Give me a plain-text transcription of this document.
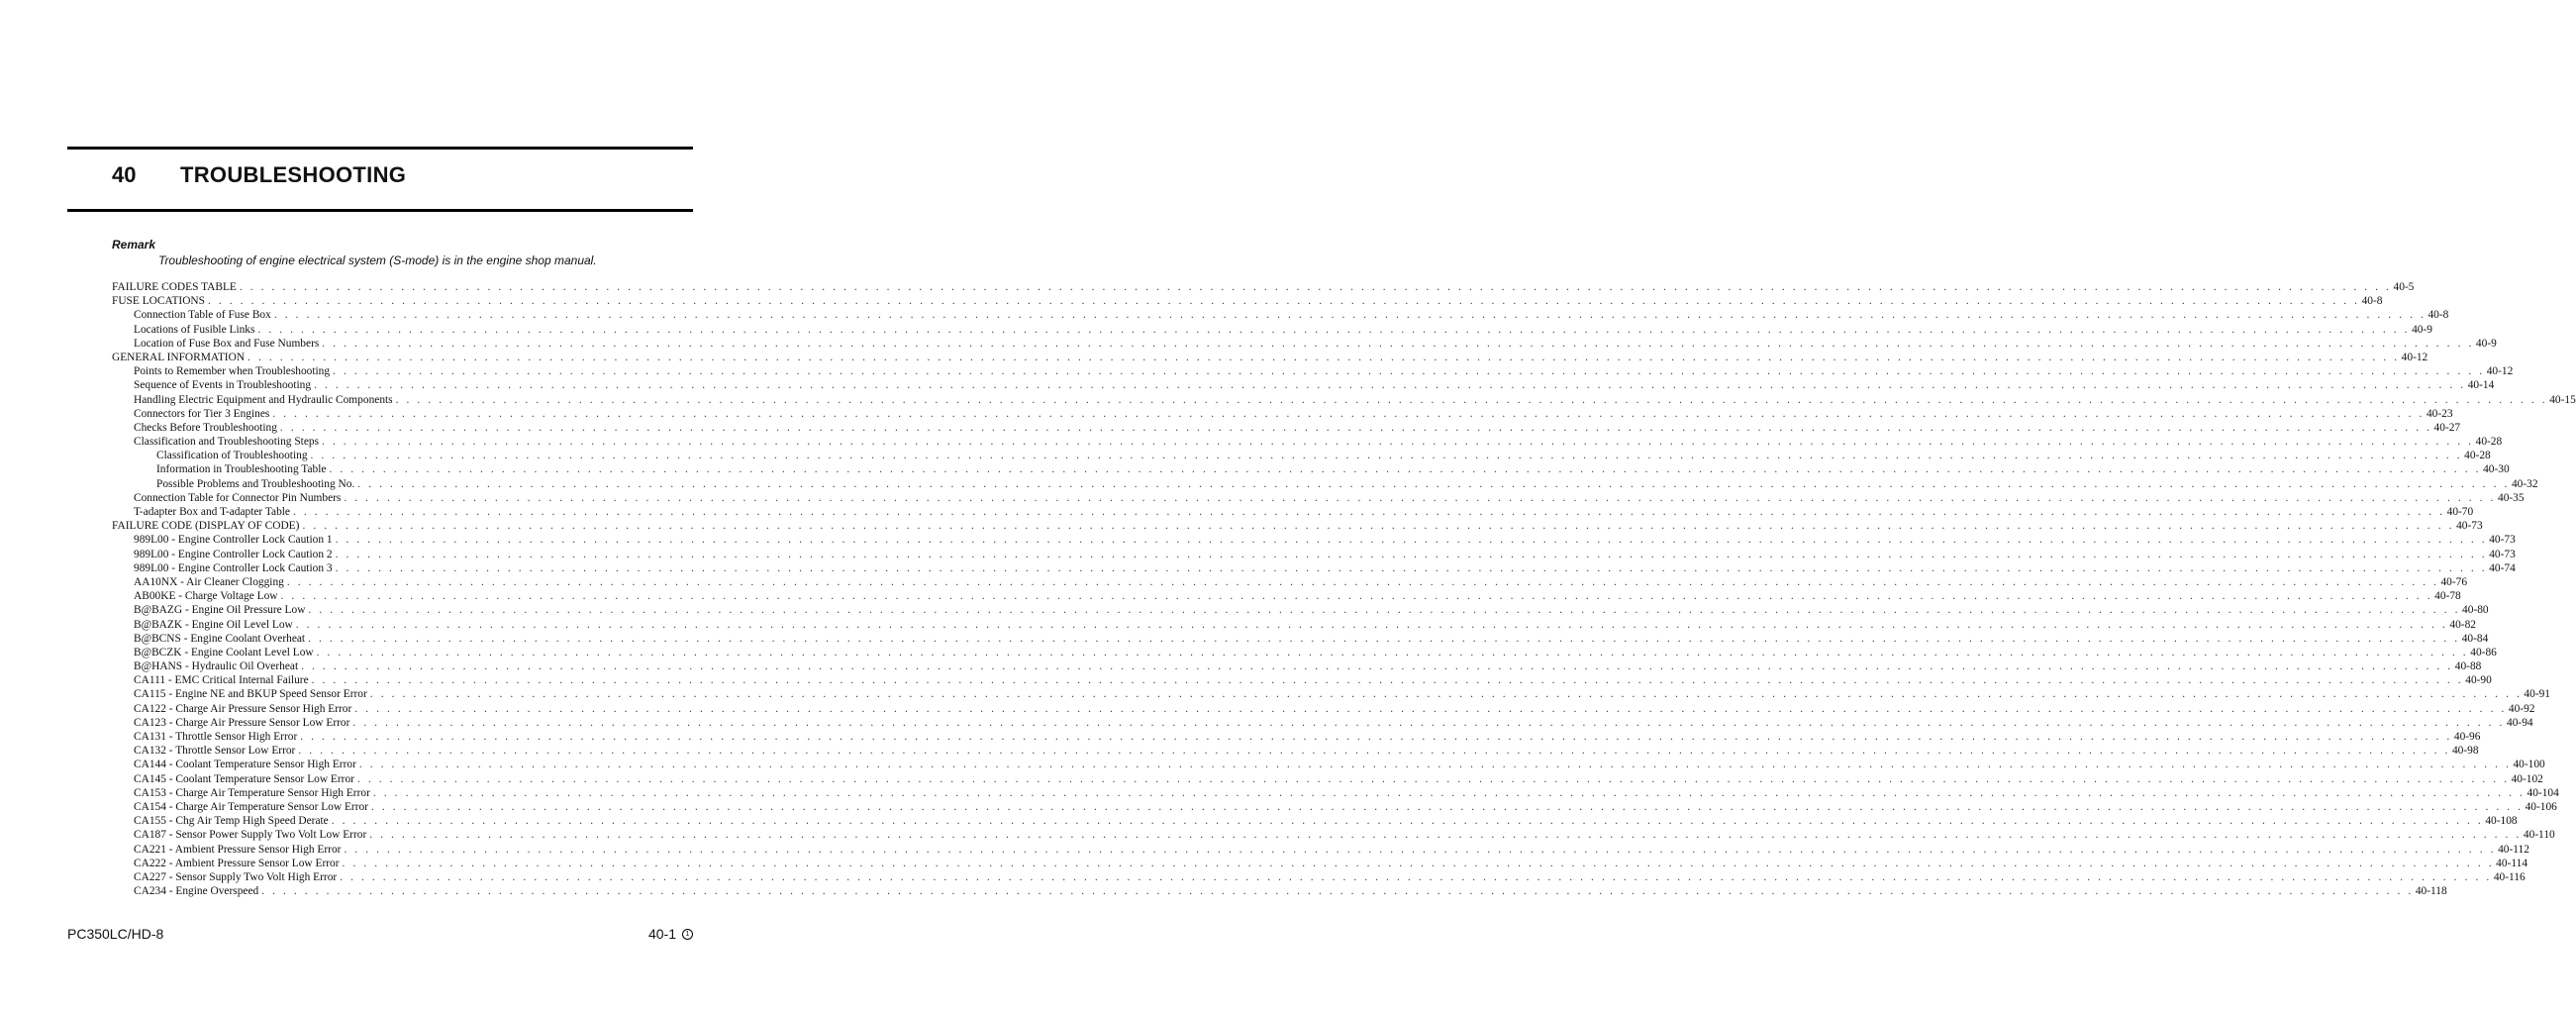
40 TROUBLESHOOTING
Remark
Troubleshooting of engine electrical system (S-mode) is in the engine shop manual.
FAILURE CODES TABLE . . . . . . . . . . . . . . . . . . . . . . . . . . . . . . . . . . . . . . . . . . . . . . . . . . . . . . . . . . . . . . . . . . . . . . . . . . . . . . . . . . . . . . . . . . . . . . . . . . . . . . . . . . . . . . . . . . . . . . . . . . . . . . . . . . . . . . . . . . . . . . . . . . . . . . . . . . . . . . . . . . . . . . . . . . . . . . . . . . . . . . . . . . . . . . . . . . . . . . . . 40-5
FUSE LOCATIONS . . . . . . . . . . . . . . . . . . . . . . . . . . . . . . . . . . . . . . . . . . . . . . . . . . . . . . . . . . . . . . . . . . . . . . . . . . . . . . . . . . . . . . . . . . . . . . . . . . . . . . . . . . . . . . . . . . . . . . . . . . . . . . . . . . . . . . . . . . . . . . . . . . . . . . . . . . . . . . . . . . . . . . . . . . . . . . . . . . . . . . . . . . . . . . . . . . . . . . . . 40-8
Connection Table of Fuse Box . . . . . . . . . . . . . . . . . . . . . . . . . . . . . . . . . . . . . . . . . . . . . . . . . . . . . . . . . . . . . . . . . . . . . . . . . . . . . . . . . . . . . . . . . . . . . . . . . . . . . . . . . . . . . . . . . . . . . . . . . . . . . . . . . . . . . . . . . . . . . . . . . . . . . . . . . . . . . . . . . . . . . . . . . . . . . . . . . . . . . . . . . . . . . . . . . . . . . . . . 40-8
Locations of Fusible Links . . . . . . . . . . . . . . . . . . . . . . . . . . . . . . . . . . . . . . . . . . . . . . . . . . . . . . . . . . . . . . . . . . . . . . . . . . . . . . . . . . . . . . . . . . . . . . . . . . . . . . . . . . . . . . . . . . . . . . . . . . . . . . . . . . . . . . . . . . . . . . . . . . . . . . . . . . . . . . . . . . . . . . . . . . . . . . . . . . . . . . . . . . . . . . . . . . . . . . . . 40-9
Location of Fuse Box and Fuse Numbers . . . . . . . . . . . . . . . . . . . . . . . . . . . . . . . . . . . . . . . . . . . . . . . . . . . . . . . . . . . . . . . . . . . . . . . . . . . . . . . . . . . . . . . . . . . . . . . . . . . . . . . . . . . . . . . . . . . . . . . . . . . . . . . . . . . . . . . . . . . . . . . . . . . . . . . . . . . . . . . . . . . . . . . . . . . . . . . . . . . . . . . . . . . . . . . . . . . . . . . . 40-9
GENERAL INFORMATION . . . . . . . . . . . . . . . . . . . . . . . . . . . . . . . . . . . . . . . . . . . . . . . . . . . . . . . . . . . . . . . . . . . . . . . . . . . . . . . . . . . . . . . . . . . . . . . . . . . . . . . . . . . . . . . . . . . . . . . . . . . . . . . . . . . . . . . . . . . . . . . . . . . . . . . . . . . . . . . . . . . . . . . . . . . . . . . . . . . . . . . . . . . . . . . . . . . . . . . . 40-12
Points to Remember when Troubleshooting . . . . . . . . . . . . . . . . . . . . . . . . . . . . . . . . . . . . . . . . . . . . . . . . . . . . . . . . . . . . . . . . . . . . . . . . . . . . . . . . . . . . . . . . . . . . . . . . . . . . . . . . . . . . . . . . . . . . . . . . . . . . . . . . . . . . . . . . . . . . . . . . . . . . . . . . . . . . . . . . . . . . . . . . . . . . . . . . . . . . . . . . . . . . . . . . . . . . . . . . 40-12
Sequence of Events in Troubleshooting . . . . . . . . . . . . . . . . . . . . . . . . . . . . . . . . . . . . . . . . . . . . . . . . . . . . . . . . . . . . . . . . . . . . . . . . . . . . . . . . . . . . . . . . . . . . . . . . . . . . . . . . . . . . . . . . . . . . . . . . . . . . . . . . . . . . . . . . . . . . . . . . . . . . . . . . . . . . . . . . . . . . . . . . . . . . . . . . . . . . . . . . . . . . . . . . . . . . . . . . 40-14
Handling Electric Equipment and Hydraulic Components . . . . . . . . . . . . . . . . . . . . . . . . . . . . . . . . . . . . . . . . . . . . . . . . . . . . . . . . . . . . . . . . . . . . . . . . . . . . . . . . . . . . . . . . . . . . . . . . . . . . . . . . . . . . . . . . . . . . . . . . . . . . . . . . . . . . . . . . . . . . . . . . . . . . . . . . . . . . . . . . . . . . . . . . . . . . . . . . . . . . . . . . . . . . . . . . . . . . . . . . 40-15
Connectors for Tier 3 Engines . . . . . . . . . . . . . . . . . . . . . . . . . . . . . . . . . . . . . . . . . . . . . . . . . . . . . . . . . . . . . . . . . . . . . . . . . . . . . . . . . . . . . . . . . . . . . . . . . . . . . . . . . . . . . . . . . . . . . . . . . . . . . . . . . . . . . . . . . . . . . . . . . . . . . . . . . . . . . . . . . . . . . . . . . . . . . . . . . . . . . . . . . . . . . . . . . . . . . . . . 40-23
Checks Before Troubleshooting . . . . . . . . . . . . . . . . . . . . . . . . . . . . . . . . . . . . . . . . . . . . . . . . . . . . . . . . . . . . . . . . . . . . . . . . . . . . . . . . . . . . . . . . . . . . . . . . . . . . . . . . . . . . . . . . . . . . . . . . . . . . . . . . . . . . . . . . . . . . . . . . . . . . . . . . . . . . . . . . . . . . . . . . . . . . . . . . . . . . . . . . . . . . . . . . . . . . . . . . 40-27
Classification and Troubleshooting Steps . . . . . . . . . . . . . . . . . . . . . . . . . . . . . . . . . . . . . . . . . . . . . . . . . . . . . . . . . . . . . . . . . . . . . . . . . . . . . . . . . . . . . . . . . . . . . . . . . . . . . . . . . . . . . . . . . . . . . . . . . . . . . . . . . . . . . . . . . . . . . . . . . . . . . . . . . . . . . . . . . . . . . . . . . . . . . . . . . . . . . . . . . . . . . . . . . . . . . . . . 40-28
Classification of Troubleshooting . . . . . . . . . . . . . . . . . . . . . . . . . . . . . . . . . . . . . . . . . . . . . . . . . . . . . . . . . . . . . . . . . . . . . . . . . . . . . . . . . . . . . . . . . . . . . . . . . . . . . . . . . . . . . . . . . . . . . . . . . . . . . . . . . . . . . . . . . . . . . . . . . . . . . . . . . . . . . . . . . . . . . . . . . . . . . . . . . . . . . . . . . . . . . . . . . . . . . . . . 40-28
Information in Troubleshooting Table . . . . . . . . . . . . . . . . . . . . . . . . . . . . . . . . . . . . . . . . . . . . . . . . . . . . . . . . . . . . . . . . . . . . . . . . . . . . . . . . . . . . . . . . . . . . . . . . . . . . . . . . . . . . . . . . . . . . . . . . . . . . . . . . . . . . . . . . . . . . . . . . . . . . . . . . . . . . . . . . . . . . . . . . . . . . . . . . . . . . . . . . . . . . . . . . . . . . . . . . 40-30
Possible Problems and Troubleshooting No. . . . . . . . . . . . . . . . . . . . . . . . . . . . . . . . . . . . . . . . . . . . . . . . . . . . . . . . . . . . . . . . . . . . . . . . . . . . . . . . . . . . . . . . . . . . . . . . . . . . . . . . . . . . . . . . . . . . . . . . . . . . . . . . . . . . . . . . . . . . . . . . . . . . . . . . . . . . . . . . . . . . . . . . . . . . . . . . . . . . . . . . . . . . . . . . . . . . . . . . . 40-32
Connection Table for Connector Pin Numbers . . . . . . . . . . . . . . . . . . . . . . . . . . . . . . . . . . . . . . . . . . . . . . . . . . . . . . . . . . . . . . . . . . . . . . . . . . . . . . . . . . . . . . . . . . . . . . . . . . . . . . . . . . . . . . . . . . . . . . . . . . . . . . . . . . . . . . . . . . . . . . . . . . . . . . . . . . . . . . . . . . . . . . . . . . . . . . . . . . . . . . . . . . . . . . . . . . . . . . . . 40-35
T-adapter Box and T-adapter Table . . . . . . . . . . . . . . . . . . . . . . . . . . . . . . . . . . . . . . . . . . . . . . . . . . . . . . . . . . . . . . . . . . . . . . . . . . . . . . . . . . . . . . . . . . . . . . . . . . . . . . . . . . . . . . . . . . . . . . . . . . . . . . . . . . . . . . . . . . . . . . . . . . . . . . . . . . . . . . . . . . . . . . . . . . . . . . . . . . . . . . . . . . . . . . . . . . . . . . . . 40-70
FAILURE CODE (DISPLAY OF CODE) . . . . . . . . . . . . . . . . . . . . . . . . . . . . . . . . . . . . . . . . . . . . . . . . . . . . . . . . . . . . . . . . . . . . . . . . . . . . . . . . . . . . . . . . . . . . . . . . . . . . . . . . . . . . . . . . . . . . . . . . . . . . . . . . . . . . . . . . . . . . . . . . . . . . . . . . . . . . . . . . . . . . . . . . . . . . . . . . . . . . . . . . . . . . . . . . . . . . . . . . 40-73
989L00 - Engine Controller Lock Caution 1 . . . . . . . . . . . . . . . . . . . . . . . . . . . . . . . . . . . . . . . . . . . . . . . . . . . . . . . . . . . . . . . . . . . . . . . . . . . . . . . . . . . . . . . . . . . . . . . . . . . . . . . . . . . . . . . . . . . . . . . . . . . . . . . . . . . . . . . . . . . . . . . . . . . . . . . . . . . . . . . . . . . . . . . . . . . . . . . . . . . . . . . . . . . . . . . . . . . . . . . . 40-73
989L00 - Engine Controller Lock Caution 2 . . . . . . . . . . . . . . . . . . . . . . . . . . . . . . . . . . . . . . . . . . . . . . . . . . . . . . . . . . . . . . . . . . . . . . . . . . . . . . . . . . . . . . . . . . . . . . . . . . . . . . . . . . . . . . . . . . . . . . . . . . . . . . . . . . . . . . . . . . . . . . . . . . . . . . . . . . . . . . . . . . . . . . . . . . . . . . . . . . . . . . . . . . . . . . . . . . . . . . . . 40-73
989L00 - Engine Controller Lock Caution 3 . . . . . . . . . . . . . . . . . . . . . . . . . . . . . . . . . . . . . . . . . . . . . . . . . . . . . . . . . . . . . . . . . . . . . . . . . . . . . . . . . . . . . . . . . . . . . . . . . . . . . . . . . . . . . . . . . . . . . . . . . . . . . . . . . . . . . . . . . . . . . . . . . . . . . . . . . . . . . . . . . . . . . . . . . . . . . . . . . . . . . . . . . . . . . . . . . . . . . . . . 40-74
AA10NX - Air Cleaner Clogging . . . . . . . . . . . . . . . . . . . . . . . . . . . . . . . . . . . . . . . . . . . . . . . . . . . . . . . . . . . . . . . . . . . . . . . . . . . . . . . . . . . . . . . . . . . . . . . . . . . . . . . . . . . . . . . . . . . . . . . . . . . . . . . . . . . . . . . . . . . . . . . . . . . . . . . . . . . . . . . . . . . . . . . . . . . . . . . . . . . . . . . . . . . . . . . . . . . . . . . . 40-76
AB00KE - Charge Voltage Low . . . . . . . . . . . . . . . . . . . . . . . . . . . . . . . . . . . . . . . . . . . . . . . . . . . . . . . . . . . . . . . . . . . . . . . . . . . . . . . . . . . . . . . . . . . . . . . . . . . . . . . . . . . . . . . . . . . . . . . . . . . . . . . . . . . . . . . . . . . . . . . . . . . . . . . . . . . . . . . . . . . . . . . . . . . . . . . . . . . . . . . . . . . . . . . . . . . . . . . . 40-78
B@BAZG - Engine Oil Pressure Low . . . . . . . . . . . . . . . . . . . . . . . . . . . . . . . . . . . . . . . . . . . . . . . . . . . . . . . . . . . . . . . . . . . . . . . . . . . . . . . . . . . . . . . . . . . . . . . . . . . . . . . . . . . . . . . . . . . . . . . . . . . . . . . . . . . . . . . . . . . . . . . . . . . . . . . . . . . . . . . . . . . . . . . . . . . . . . . . . . . . . . . . . . . . . . . . . . . . . . . . 40-80
B@BAZK - Engine Oil Level Low . . . . . . . . . . . . . . . . . . . . . . . . . . . . . . . . . . . . . . . . . . . . . . . . . . . . . . . . . . . . . . . . . . . . . . . . . . . . . . . . . . . . . . . . . . . . . . . . . . . . . . . . . . . . . . . . . . . . . . . . . . . . . . . . . . . . . . . . . . . . . . . . . . . . . . . . . . . . . . . . . . . . . . . . . . . . . . . . . . . . . . . . . . . . . . . . . . . . . . . . 40-82
B@BCNS - Engine Coolant Overheat . . . . . . . . . . . . . . . . . . . . . . . . . . . . . . . . . . . . . . . . . . . . . . . . . . . . . . . . . . . . . . . . . . . . . . . . . . . . . . . . . . . . . . . . . . . . . . . . . . . . . . . . . . . . . . . . . . . . . . . . . . . . . . . . . . . . . . . . . . . . . . . . . . . . . . . . . . . . . . . . . . . . . . . . . . . . . . . . . . . . . . . . . . . . . . . . . . . . . . . . 40-84
B@BCZK - Engine Coolant Level Low . . . . . . . . . . . . . . . . . . . . . . . . . . . . . . . . . . . . . . . . . . . . . . . . . . . . . . . . . . . . . . . . . . . . . . . . . . . . . . . . . . . . . . . . . . . . . . . . . . . . . . . . . . . . . . . . . . . . . . . . . . . . . . . . . . . . . . . . . . . . . . . . . . . . . . . . . . . . . . . . . . . . . . . . . . . . . . . . . . . . . . . . . . . . . . . . . . . . . . . . 40-86
B@HANS - Hydraulic Oil Overheat . . . . . . . . . . . . . . . . . . . . . . . . . . . . . . . . . . . . . . . . . . . . . . . . . . . . . . . . . . . . . . . . . . . . . . . . . . . . . . . . . . . . . . . . . . . . . . . . . . . . . . . . . . . . . . . . . . . . . . . . . . . . . . . . . . . . . . . . . . . . . . . . . . . . . . . . . . . . . . . . . . . . . . . . . . . . . . . . . . . . . . . . . . . . . . . . . . . . . . . . 40-88
CA111 - EMC Critical Internal Failure . . . . . . . . . . . . . . . . . . . . . . . . . . . . . . . . . . . . . . . . . . . . . . . . . . . . . . . . . . . . . . . . . . . . . . . . . . . . . . . . . . . . . . . . . . . . . . . . . . . . . . . . . . . . . . . . . . . . . . . . . . . . . . . . . . . . . . . . . . . . . . . . . . . . . . . . . . . . . . . . . . . . . . . . . . . . . . . . . . . . . . . . . . . . . . . . . . . . . . . . 40-90
CA115 - Engine NE and BKUP Speed Sensor Error . . . . . . . . . . . . . . . . . . . . . . . . . . . . . . . . . . . . . . . . . . . . . . . . . . . . . . . . . . . . . . . . . . . . . . . . . . . . . . . . . . . . . . . . . . . . . . . . . . . . . . . . . . . . . . . . . . . . . . . . . . . . . . . . . . . . . . . . . . . . . . . . . . . . . . . . . . . . . . . . . . . . . . . . . . . . . . . . . . . . . . . . . . . . . . . . . . . . . . . . 40-91
CA122 - Charge Air Pressure Sensor High Error . . . . . . . . . . . . . . . . . . . . . . . . . . . . . . . . . . . . . . . . . . . . . . . . . . . . . . . . . . . . . . . . . . . . . . . . . . . . . . . . . . . . . . . . . . . . . . . . . . . . . . . . . . . . . . . . . . . . . . . . . . . . . . . . . . . . . . . . . . . . . . . . . . . . . . . . . . . . . . . . . . . . . . . . . . . . . . . . . . . . . . . . . . . . . . . . . . . . . . . . 40-92
CA123 - Charge Air Pressure Sensor Low Error . . . . . . . . . . . . . . . . . . . . . . . . . . . . . . . . . . . . . . . . . . . . . . . . . . . . . . . . . . . . . . . . . . . . . . . . . . . . . . . . . . . . . . . . . . . . . . . . . . . . . . . . . . . . . . . . . . . . . . . . . . . . . . . . . . . . . . . . . . . . . . . . . . . . . . . . . . . . . . . . . . . . . . . . . . . . . . . . . . . . . . . . . . . . . . . . . . . . . . . . 40-94
CA131 - Throttle Sensor High Error . . . . . . . . . . . . . . . . . . . . . . . . . . . . . . . . . . . . . . . . . . . . . . . . . . . . . . . . . . . . . . . . . . . . . . . . . . . . . . . . . . . . . . . . . . . . . . . . . . . . . . . . . . . . . . . . . . . . . . . . . . . . . . . . . . . . . . . . . . . . . . . . . . . . . . . . . . . . . . . . . . . . . . . . . . . . . . . . . . . . . . . . . . . . . . . . . . . . . . . . 40-96
CA132 - Throttle Sensor Low Error . . . . . . . . . . . . . . . . . . . . . . . . . . . . . . . . . . . . . . . . . . . . . . . . . . . . . . . . . . . . . . . . . . . . . . . . . . . . . . . . . . . . . . . . . . . . . . . . . . . . . . . . . . . . . . . . . . . . . . . . . . . . . . . . . . . . . . . . . . . . . . . . . . . . . . . . . . . . . . . . . . . . . . . . . . . . . . . . . . . . . . . . . . . . . . . . . . . . . . . . 40-98
CA144 - Coolant Temperature Sensor High Error . . . . . . . . . . . . . . . . . . . . . . . . . . . . . . . . . . . . . . . . . . . . . . . . . . . . . . . . . . . . . . . . . . . . . . . . . . . . . . . . . . . . . . . . . . . . . . . . . . . . . . . . . . . . . . . . . . . . . . . . . . . . . . . . . . . . . . . . . . . . . . . . . . . . . . . . . . . . . . . . . . . . . . . . . . . . . . . . . . . . . . . . . . . . . . . . . . . . . . . . 40-100
CA145 - Coolant Temperature Sensor Low Error . . . . . . . . . . . . . . . . . . . . . . . . . . . . . . . . . . . . . . . . . . . . . . . . . . . . . . . . . . . . . . . . . . . . . . . . . . . . . . . . . . . . . . . . . . . . . . . . . . . . . . . . . . . . . . . . . . . . . . . . . . . . . . . . . . . . . . . . . . . . . . . . . . . . . . . . . . . . . . . . . . . . . . . . . . . . . . . . . . . . . . . . . . . . . . . . . . . . . . . . 40-102
CA153 - Charge Air Temperature Sensor High Error . . . . . . . . . . . . . . . . . . . . . . . . . . . . . . . . . . . . . . . . . . . . . . . . . . . . . . . . . . . . . . . . . . . . . . . . . . . . . . . . . . . . . . . . . . . . . . . . . . . . . . . . . . . . . . . . . . . . . . . . . . . . . . . . . . . . . . . . . . . . . . . . . . . . . . . . . . . . . . . . . . . . . . . . . . . . . . . . . . . . . . . . . . . . . . . . . . . . . . . . 40-104
CA154 - Charge Air Temperature Sensor Low Error . . . . . . . . . . . . . . . . . . . . . . . . . . . . . . . . . . . . . . . . . . . . . . . . . . . . . . . . . . . . . . . . . . . . . . . . . . . . . . . . . . . . . . . . . . . . . . . . . . . . . . . . . . . . . . . . . . . . . . . . . . . . . . . . . . . . . . . . . . . . . . . . . . . . . . . . . . . . . . . . . . . . . . . . . . . . . . . . . . . . . . . . . . . . . . . . . . . . . . . . 40-106
CA155 - Chg Air Temp High Speed Derate . . . . . . . . . . . . . . . . . . . . . . . . . . . . . . . . . . . . . . . . . . . . . . . . . . . . . . . . . . . . . . . . . . . . . . . . . . . . . . . . . . . . . . . . . . . . . . . . . . . . . . . . . . . . . . . . . . . . . . . . . . . . . . . . . . . . . . . . . . . . . . . . . . . . . . . . . . . . . . . . . . . . . . . . . . . . . . . . . . . . . . . . . . . . . . . . . . . . . . . . 40-108
CA187 - Sensor Power Supply Two Volt Low Error . . . . . . . . . . . . . . . . . . . . . . . . . . . . . . . . . . . . . . . . . . . . . . . . . . . . . . . . . . . . . . . . . . . . . . . . . . . . . . . . . . . . . . . . . . . . . . . . . . . . . . . . . . . . . . . . . . . . . . . . . . . . . . . . . . . . . . . . . . . . . . . . . . . . . . . . . . . . . . . . . . . . . . . . . . . . . . . . . . . . . . . . . . . . . . . . . . . . . . . . 40-110
CA221 - Ambient Pressure Sensor High Error . . . . . . . . . . . . . . . . . . . . . . . . . . . . . . . . . . . . . . . . . . . . . . . . . . . . . . . . . . . . . . . . . . . . . . . . . . . . . . . . . . . . . . . . . . . . . . . . . . . . . . . . . . . . . . . . . . . . . . . . . . . . . . . . . . . . . . . . . . . . . . . . . . . . . . . . . . . . . . . . . . . . . . . . . . . . . . . . . . . . . . . . . . . . . . . . . . . . . . . . 40-112
CA222 - Ambient Pressure Sensor Low Error . . . . . . . . . . . . . . . . . . . . . . . . . . . . . . . . . . . . . . . . . . . . . . . . . . . . . . . . . . . . . . . . . . . . . . . . . . . . . . . . . . . . . . . . . . . . . . . . . . . . . . . . . . . . . . . . . . . . . . . . . . . . . . . . . . . . . . . . . . . . . . . . . . . . . . . . . . . . . . . . . . . . . . . . . . . . . . . . . . . . . . . . . . . . . . . . . . . . . . . . 40-114
CA227 - Sensor Supply Two Volt High Error . . . . . . . . . . . . . . . . . . . . . . . . . . . . . . . . . . . . . . . . . . . . . . . . . . . . . . . . . . . . . . . . . . . . . . . . . . . . . . . . . . . . . . . . . . . . . . . . . . . . . . . . . . . . . . . . . . . . . . . . . . . . . . . . . . . . . . . . . . . . . . . . . . . . . . . . . . . . . . . . . . . . . . . . . . . . . . . . . . . . . . . . . . . . . . . . . . . . . . . . 40-116
CA234 - Engine Overspeed . . . . . . . . . . . . . . . . . . . . . . . . . . . . . . . . . . . . . . . . . . . . . . . . . . . . . . . . . . . . . . . . . . . . . . . . . . . . . . . . . . . . . . . . . . . . . . . . . . . . . . . . . . . . . . . . . . . . . . . . . . . . . . . . . . . . . . . . . . . . . . . . . . . . . . . . . . . . . . . . . . . . . . . . . . . . . . . . . . . . . . . . . . . . . . . . . . . . . . . . 40-118
PC350LC/HD-8	40-1	1
